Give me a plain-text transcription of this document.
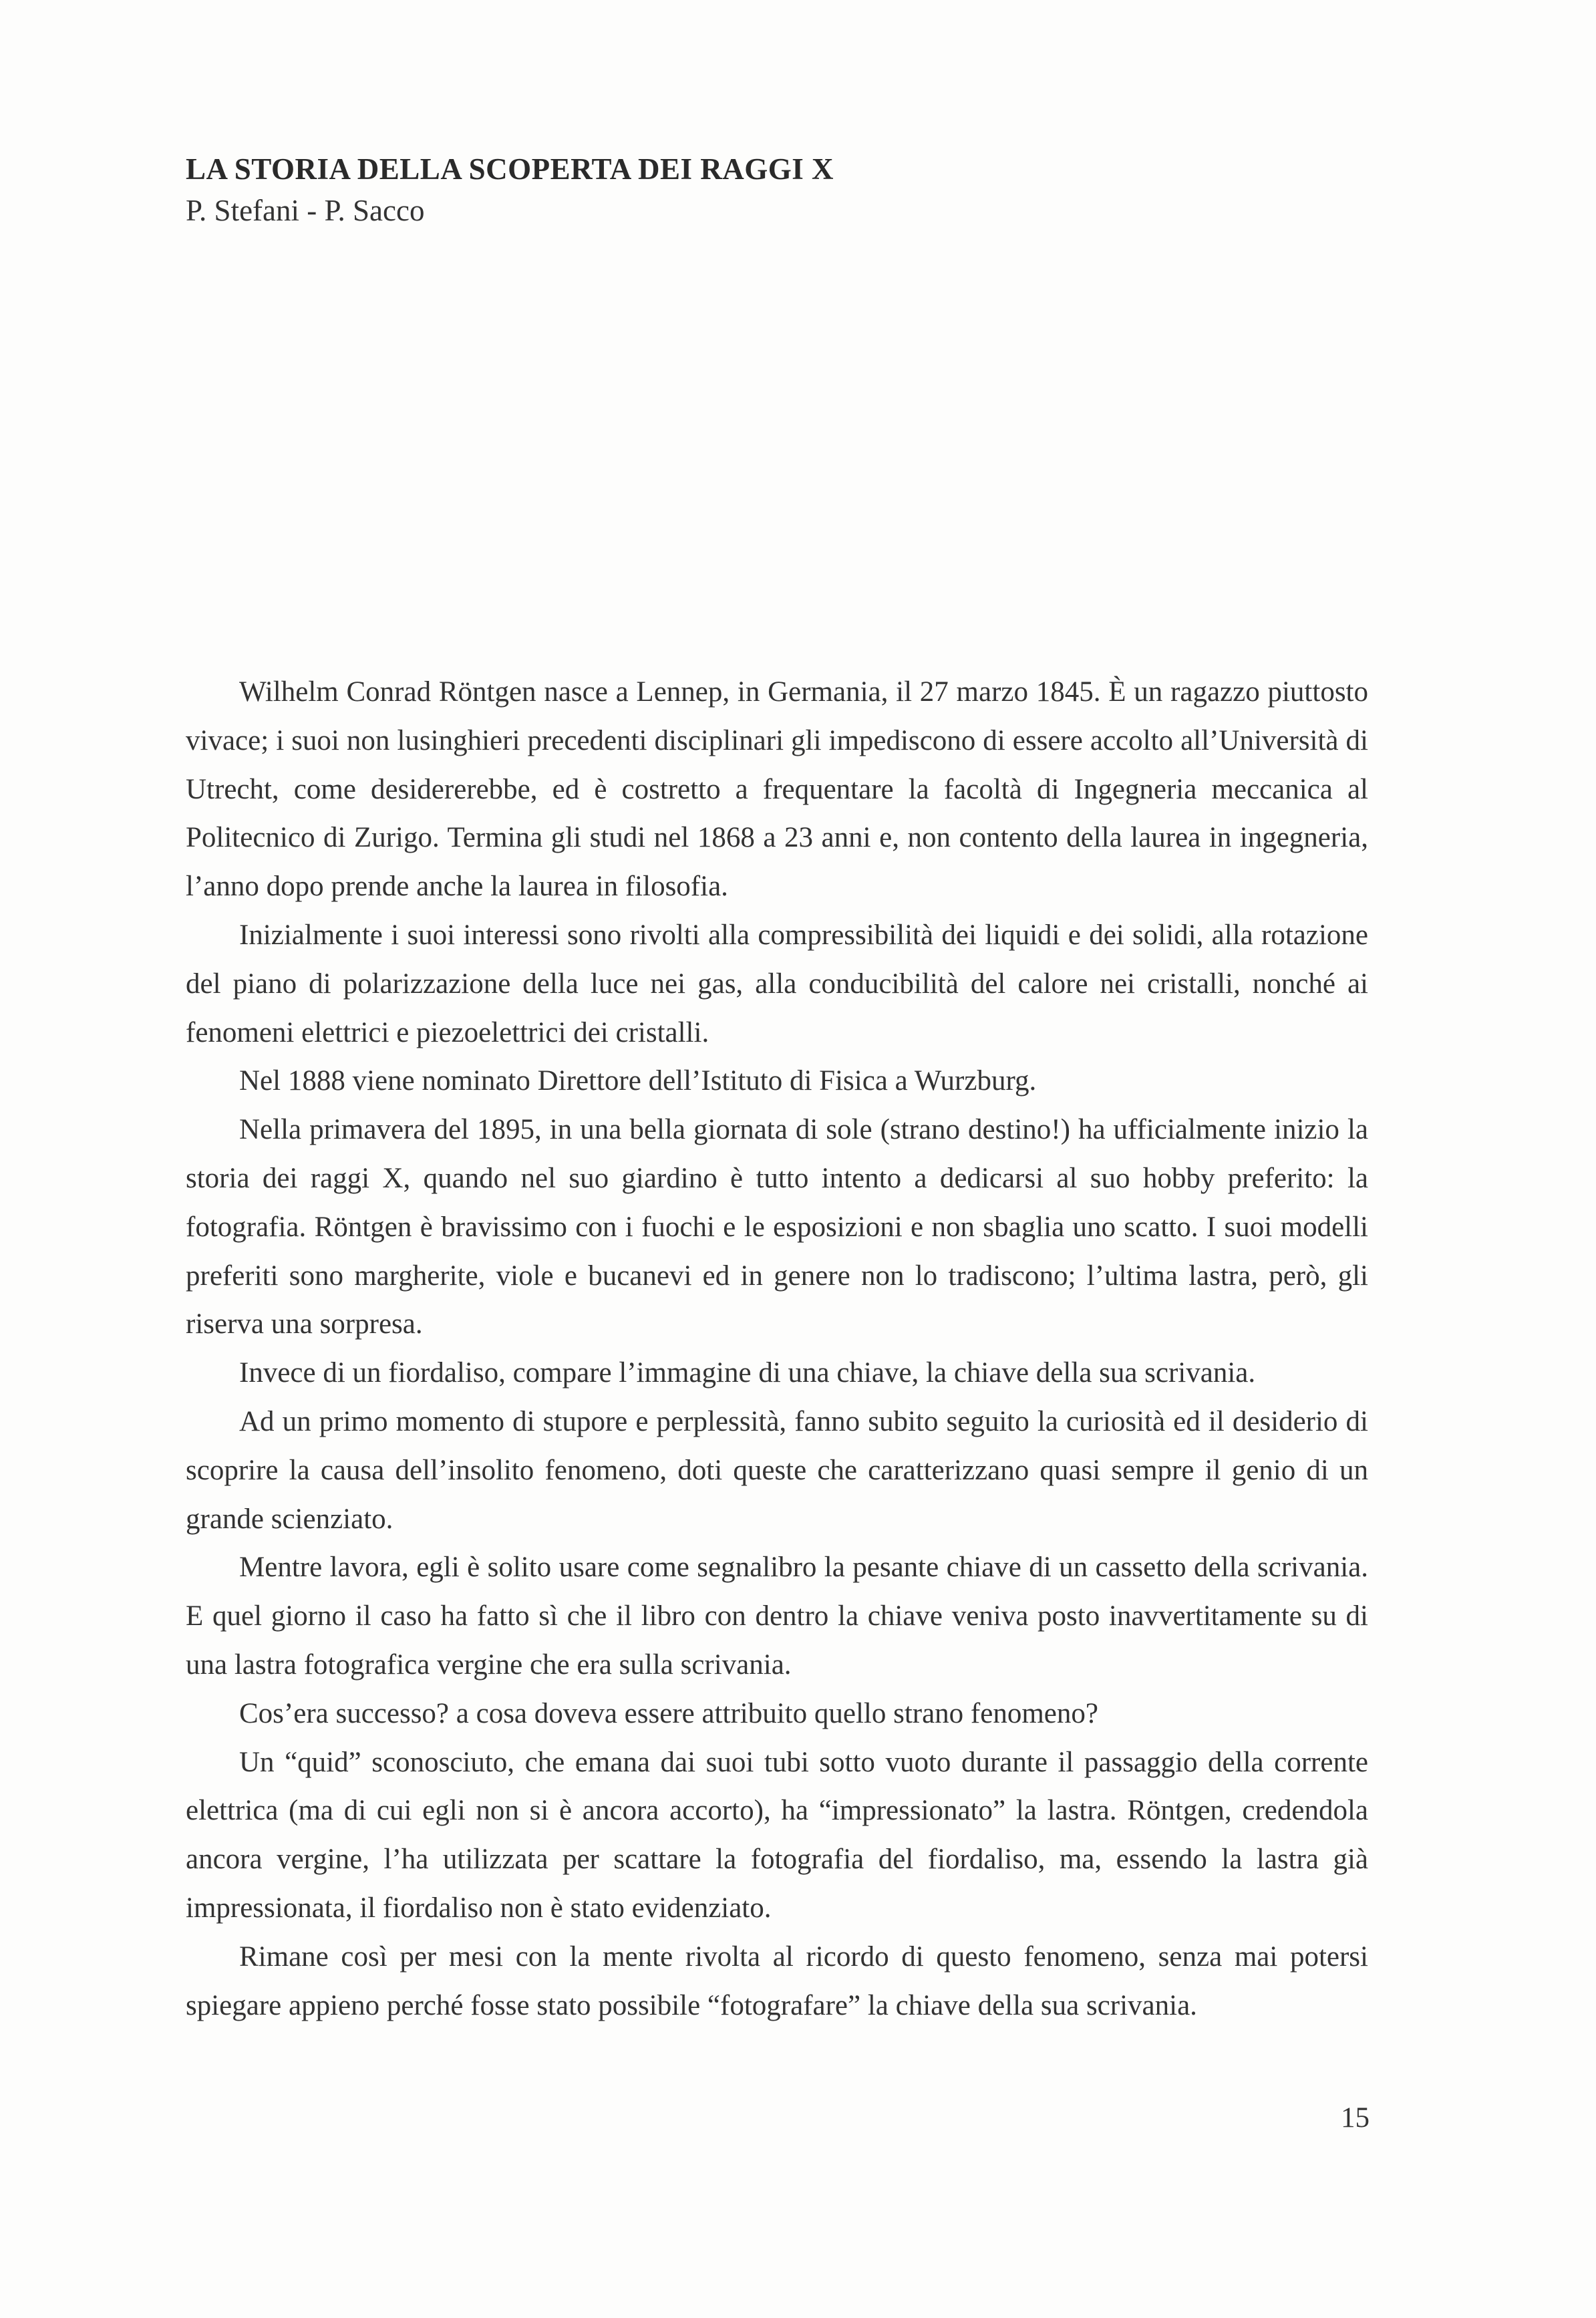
LA STORIA DELLA SCOPERTA DEI RAGGI X

P. Stefani - P. Sacco

Wilhelm Conrad Röntgen nasce a Lennep, in Germania, il 27 marzo 1845. È un ragazzo piuttosto vivace; i suoi non lusinghieri precedenti disciplinari gli impediscono di essere accolto all’Università di Utrecht, come desidererebbe, ed è costretto a frequentare la facoltà di Ingegneria meccanica al Politecnico di Zurigo. Termina gli studi nel 1868 a 23 anni e, non contento della laurea in ingegneria, l’anno dopo prende anche la laurea in filosofia.

Inizialmente i suoi interessi sono rivolti alla compressibilità dei liquidi e dei solidi, alla rotazione del piano di polarizzazione della luce nei gas, alla conducibilità del calore nei cristalli, nonché ai fenomeni elettrici e piezoelettrici dei cristalli.

Nel 1888 viene nominato Direttore dell’Istituto di Fisica a Wurzburg.

Nella primavera del 1895, in una bella giornata di sole (strano destino!) ha ufficialmente inizio la storia dei raggi X, quando nel suo giardino è tutto intento a dedicarsi al suo hobby preferito: la fotografia. Röntgen è bravissimo con i fuochi e le esposizioni e non sbaglia uno scatto. I suoi modelli preferiti sono margherite, viole e bucanevi ed in genere non lo tradiscono; l’ultima lastra, però, gli riserva una sorpresa.

Invece di un fiordaliso, compare l’immagine di una chiave, la chiave della sua scrivania.

Ad un primo momento di stupore e perplessità, fanno subito seguito la curiosità ed il desiderio di scoprire la causa dell’insolito fenomeno, doti queste che caratterizzano quasi sempre il genio di un grande scienziato.

Mentre lavora, egli è solito usare come segnalibro la pesante chiave di un cassetto della scrivania. E quel giorno il caso ha fatto sì che il libro con dentro la chiave veniva posto inavvertitamente su di una lastra fotografica vergine che era sulla scrivania.

Cos’era successo? a cosa doveva essere attribuito quello strano fenomeno?

Un “quid” sconosciuto, che emana dai suoi tubi sotto vuoto durante il passaggio della corrente elettrica (ma di cui egli non si è ancora accorto), ha “impressionato” la lastra. Röntgen, credendola ancora vergine, l’ha utilizzata per scattare la fotografia del fiordaliso, ma, essendo la lastra già impressionata, il fiordaliso non è stato evidenziato.

Rimane così per mesi con la mente rivolta al ricordo di questo fenomeno, senza mai potersi spiegare appieno perché fosse stato possibile “fotografare” la chiave della sua scrivania.

15
